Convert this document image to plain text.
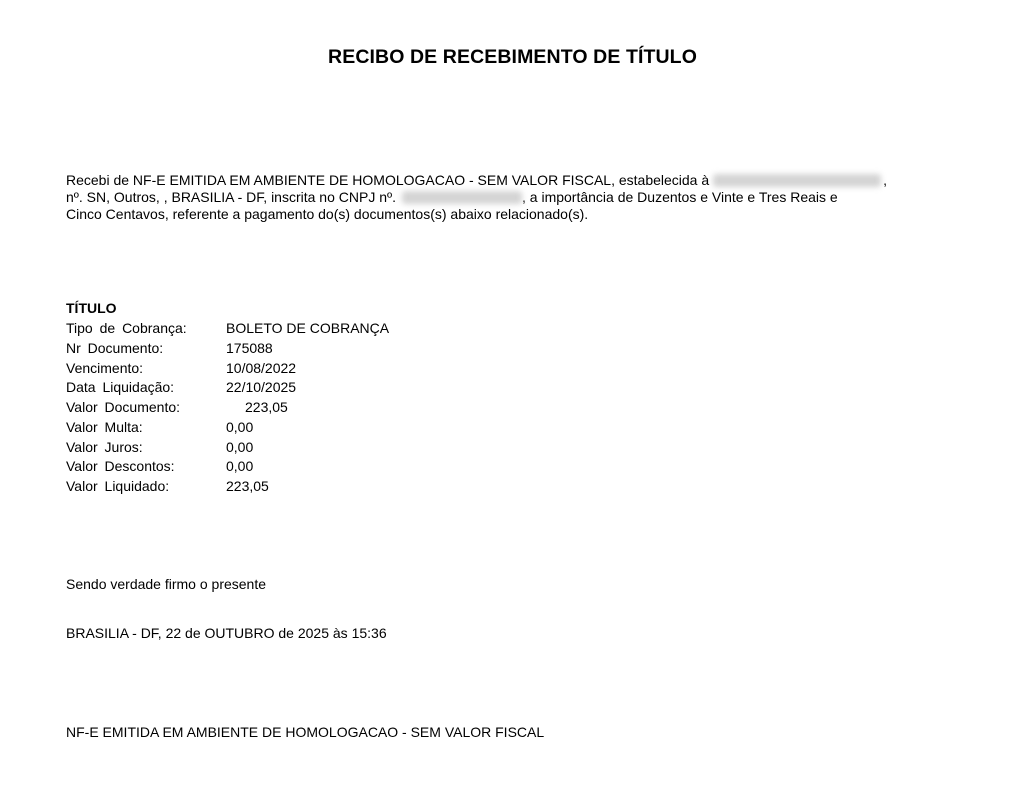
RECIBO DE RECEBIMENTO DE TÍTULO
Recebi de NF-E EMITIDA EM AMBIENTE DE HOMOLOGACAO - SEM VALOR FISCAL, estabelecida à	,
nº. SN, Outros, , BRASILIA - DF, inscrita no CNPJ nº.	, a importância de Duzentos e Vinte e Tres Reais e
Cinco Centavos, referente a pagamento do(s) documentos(s) abaixo relacionado(s).
TÍTULO
Tipo de Cobrança:	BOLETO DE COBRANÇA
Nr Documento:	175088
Vencimento:	10/08/2022
Data Liquidação:	22/10/2025
Valor Documento:	223,05
Valor Multa:	0,00
Valor Juros:	0,00
Valor Descontos:	0,00
Valor Liquidado:	223,05
Sendo verdade firmo o presente
BRASILIA - DF, 22 de OUTUBRO de 2025 às 15:36
NF-E EMITIDA EM AMBIENTE DE HOMOLOGACAO - SEM VALOR FISCAL
